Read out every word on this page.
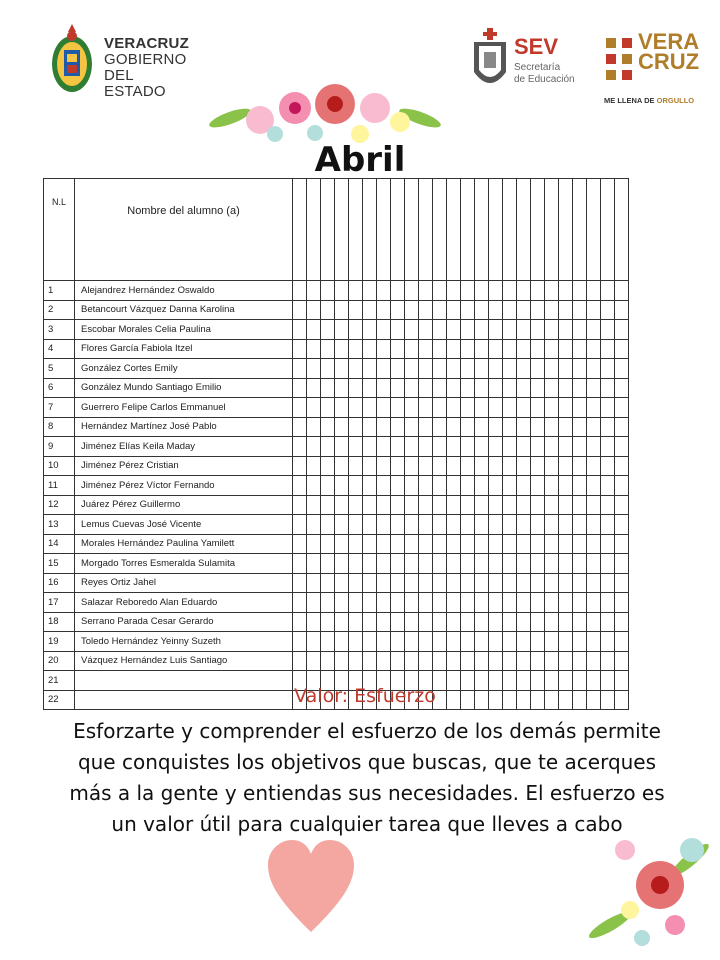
VERACRUZ
GOBIERNO
DEL ESTADO
SEV
Secretaría
de Educación
VERA
CRUZ
ME LLENA DE ORGULLO
Abril
N.L	Nombre del alumno (a)																								
1	Alejandrez Hernández Oswaldo																								
2	Betancourt Vázquez Danna Karolina																								
3	Escobar Morales Celia Paulina																								
4	Flores García Fabiola Itzel																								
5	González Cortes Emily																								
6	González Mundo Santiago Emilio																								
7	Guerrero Felipe Carlos Emmanuel																								
8	Hernández Martínez José Pablo																								
9	Jiménez Elías Keila Maday																								
10	Jiménez Pérez Cristian																								
11	Jiménez Pérez Víctor Fernando																								
12	Juárez Pérez Guillermo																								
13	Lemus Cuevas José Vicente																								
14	Morales Hernández Paulina Yamilett																								
15	Morgado Torres Esmeralda Sulamita																								
16	Reyes Ortiz Jahel																								
17	Salazar Reboredo Alan Eduardo																								
18	Serrano Parada Cesar Gerardo																								
19	Toledo Hernández Yeinny Suzeth																								
20	Vázquez Hernández Luis Santiago																								
21																									
22																										Valor: Esfuerzo
Esforzarte y comprender el esfuerzo de los demás permite que conquistes los objetivos que buscas, que te acerques más a la gente y entiendas sus necesidades. El esfuerzo es un valor útil para cualquier tarea que lleves a cabo
